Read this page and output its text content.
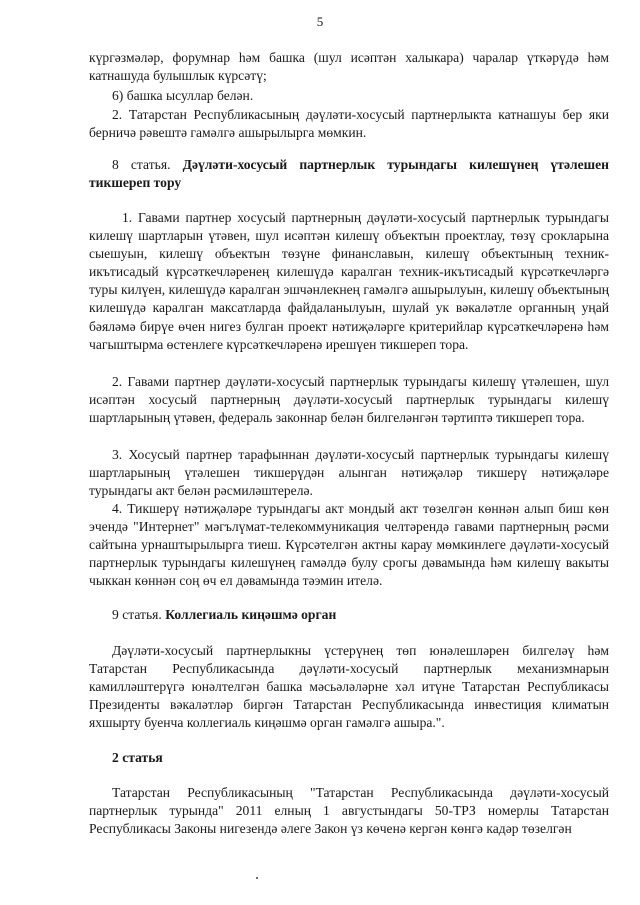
5

күргәзмәләр, форумнар һәм башка (шул исәптән халыкара) чаралар үткәрүдә һәм катнашуда булышлык күрсәтү;

6) башка ысуллар белән.

2. Татарстан Республикасының дәүләти-хосусый партнерлыкта катнашуы бер яки берничә рәвештә гамәлгә ашырылырга мөмкин.

8 статья. Дәүләти-хосусый партнерлык турындагы килешүнең үтәлешен тикшереп тору

1. Гавами партнер хосусый партнерның дәүләти-хосусый партнерлык турындагы килешү шартларын үтәвен, шул исәптән килешү объектын проектлау, төзү срокларына сыешуын, килешү объектын төзүне финанславын, килешү объектының техник-икътисадый күрсәткечләренең килешүдә каралган техник-икътисадый күрсәткечләргә туры килүен, килешүдә каралган эшчәнлекнең гамәлгә ашырылуын, килешү объектының килешүдә каралган максатларда файдаланылуын, шулай ук вәкаләтле органның уңай бәяләмә бирүе өчен нигез булган проект нәтиҗәләрге критерийлар күрсәткечләренә һәм чагыштырма өстенлеге күрсәткечләренә ирешүен тикшереп тора.

2. Гавами партнер дәүләти-хосусый партнерлык турындагы килешү үтәлешен, шул исәптән хосусый партнерның дәүләти-хосусый партнерлык турындагы килешү шартларының үтәвен, федераль законнар белән билгеләнгән тәртиптә тикшереп тора.

3. Хосусый партнер тарафыннан дәүләти-хосусый партнерлык турындагы килешү шартларының үтәлешен тикшерүдән алынган нәтиҗәләр тикшерү нәтиҗәләре турындагы акт белән рәсмиләштерелә.

4. Тикшерү нәтиҗәләре турындагы акт мондый акт төзелгән көннән алып биш көн эчендә "Интернет" мәгълүмат-телекоммуникация челтәрендә гавами партнерның рәсми сайтына урнаштырылырга тиеш. Күрсәтелгән актны карау мөмкинлеге дәүләти-хосусый партнерлык турындагы килешүнең гамәлдә булу срогы дәвамында һәм килешү вакыты чыккан көннән соң өч ел дәвамында тәэмин ителә.

9 статья. Коллегиаль киңәшмә орган

Дәүләти-хосусый партнерлыкны үстерүнең төп юнәлешләрен билгеләү һәм Татарстан Республикасында дәүләти-хосусый партнерлык механизмнарын камилләштерүгә юнәлтелгән башка мәсьәләләрне хәл итүне Татарстан Республикасы Президенты вәкаләтләр биргән Татарстан Республикасында инвестиция климатын яхшырту буенча коллегиаль киңәшмә орган гамәлгә ашыра.".

2 статья

Татарстан Республикасының "Татарстан Республикасында дәүләти-хосусый партнерлык турында" 2011 елның 1 августындагы 50-ТРЗ номерлы Татарстан Республикасы Законы нигезендә әлеге Закон үз көченә кергән көнгә кадәр төзелгән
